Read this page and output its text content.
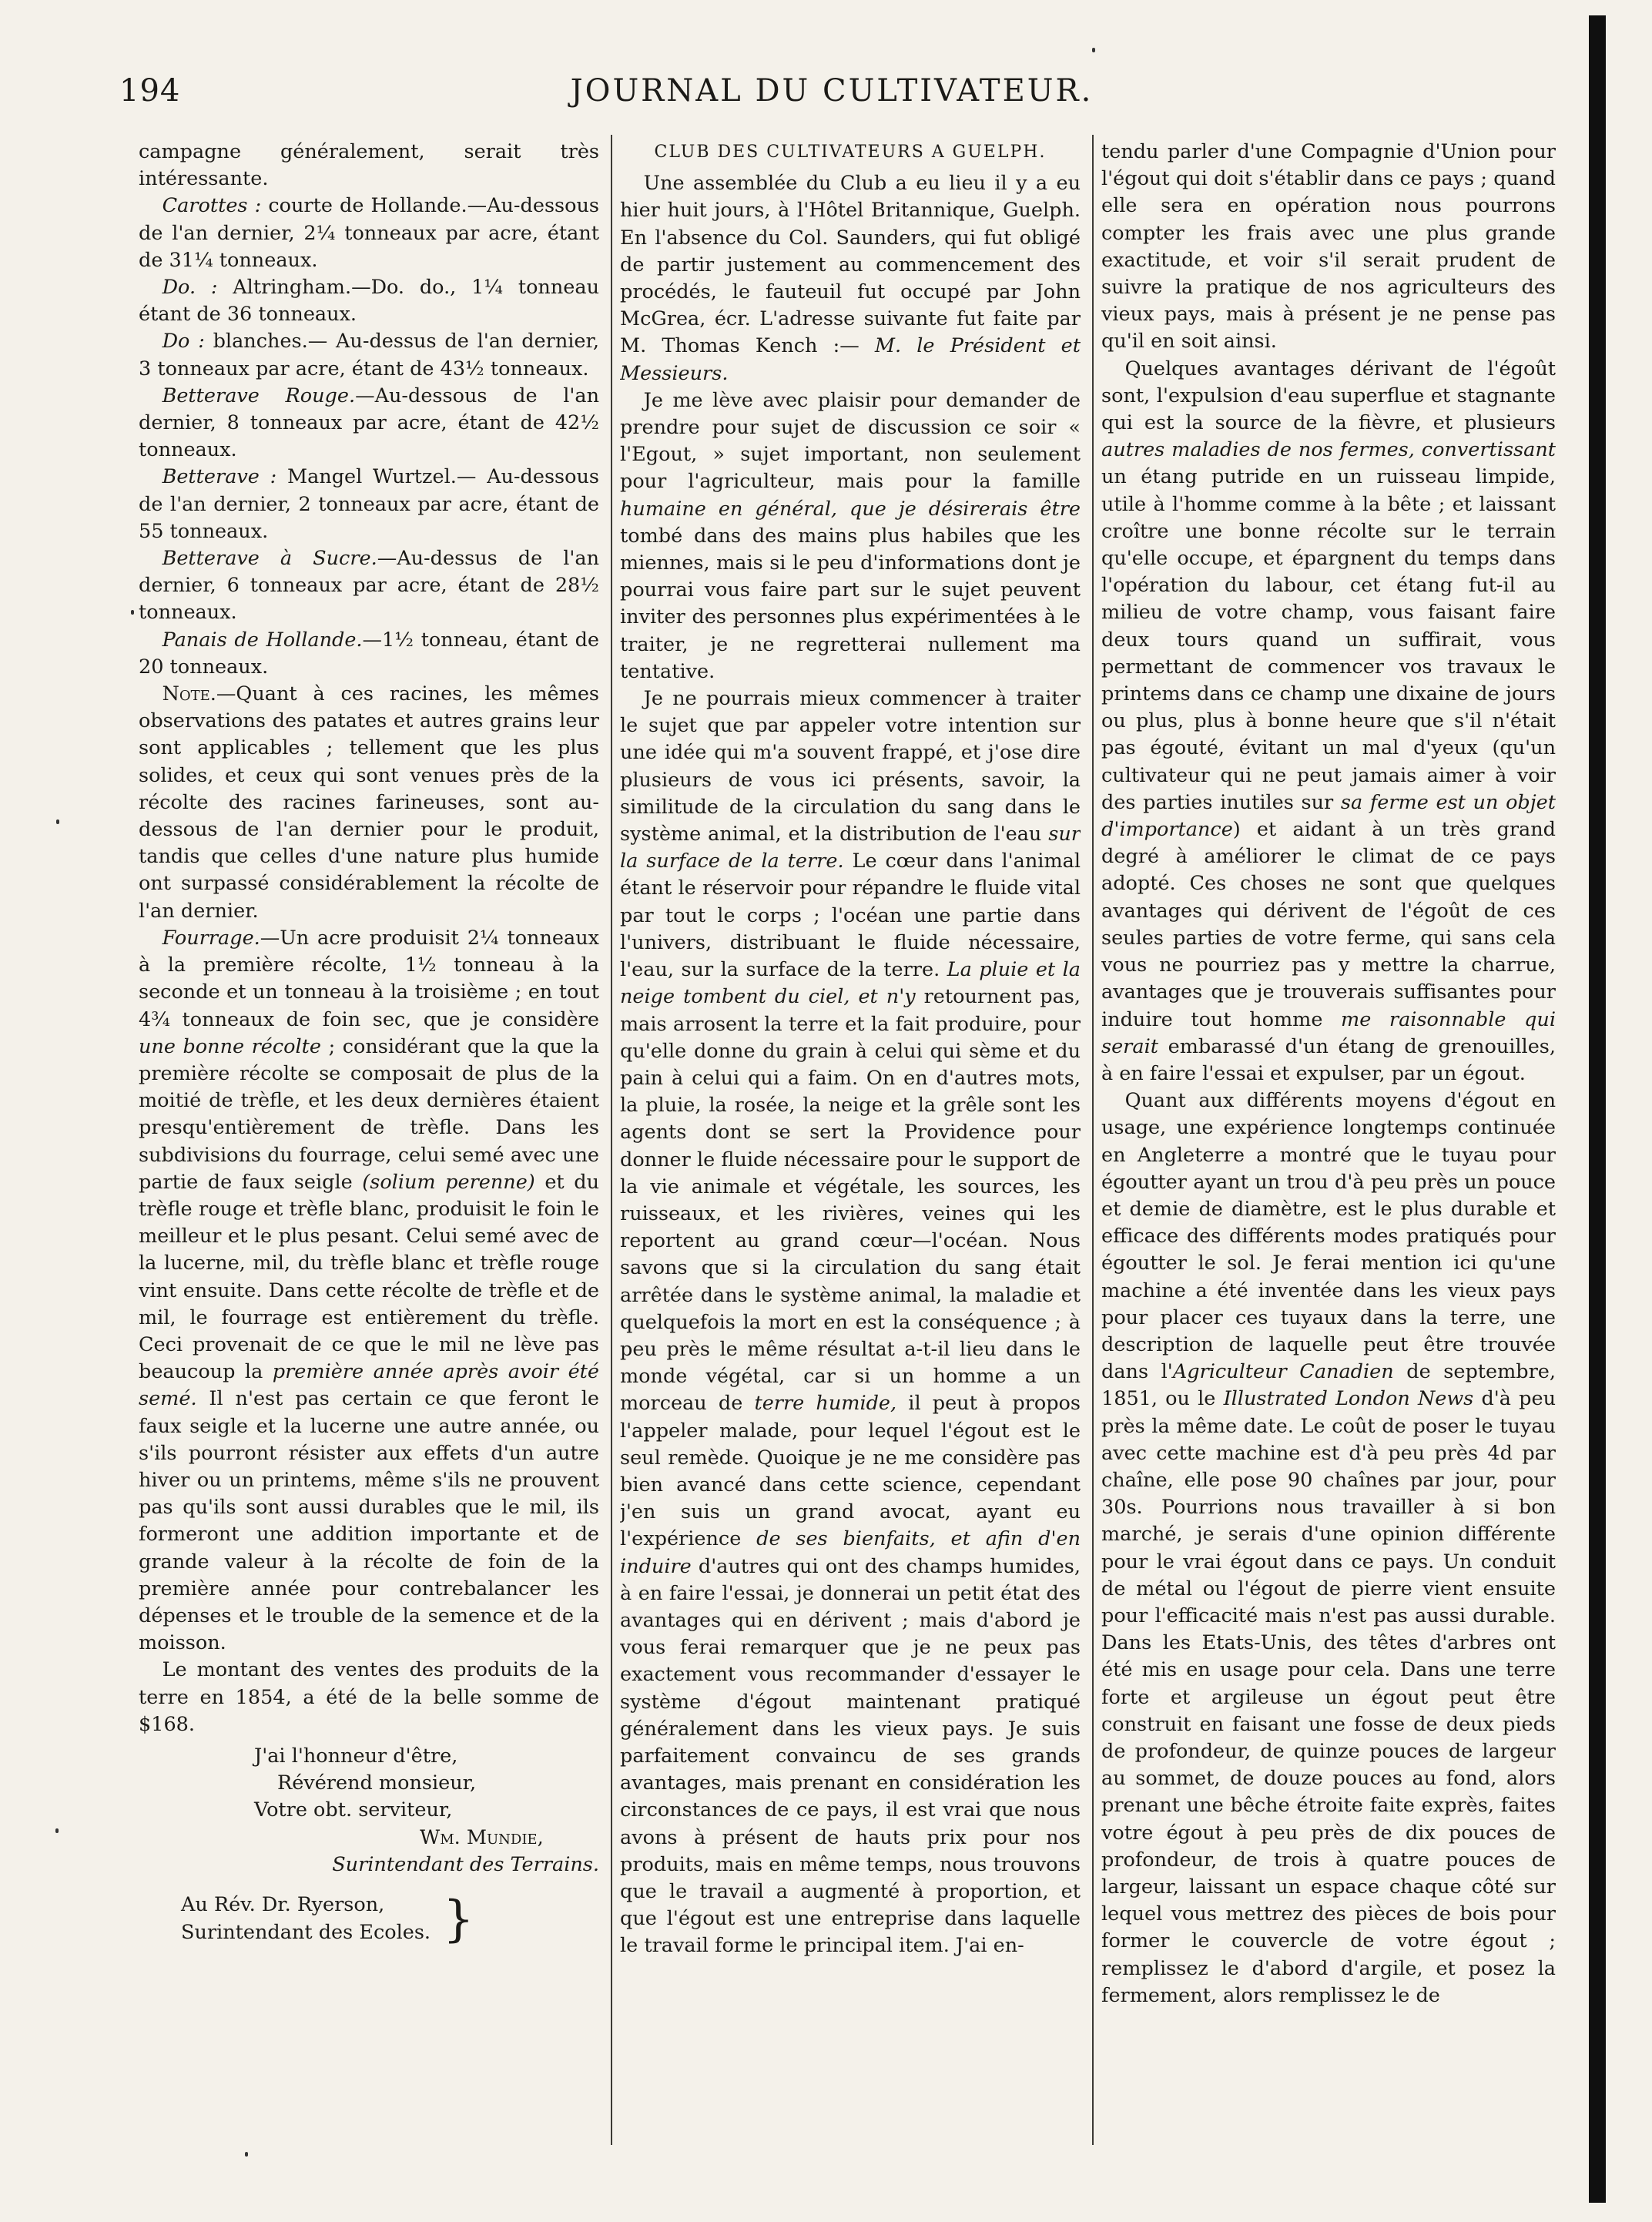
JOURNAL DU CULTIVATEUR.
194

campagne généralement, serait très intéressante.

Carottes : courte de Hollande.—Au-dessous de l'an dernier, 2¼ tonneaux par acre, étant de 31¼ tonneaux.

Do. : Altringham.—Do. do., 1¼ tonneau étant de 36 tonneaux.

Do : blanches.— Au-dessus de l'an dernier, 3 tonneaux par acre, étant de 43½ tonneaux.

Betterave Rouge.—Au-dessous de l'an dernier, 8 tonneaux par acre, étant de 42½ tonneaux.

Betterave : Mangel Wurtzel.— Au-dessous de l'an dernier, 2 tonneaux par acre, étant de 55 tonneaux.

Betterave à Sucre.—Au-dessus de l'an dernier, 6 tonneaux par acre, étant de 28½ tonneaux.

Panais de Hollande.—1½ tonneau, étant de 20 tonneaux.

Note.—Quant à ces racines, les mêmes observations des patates et autres grains leur sont applicables ; tellement que les plus solides, et ceux qui sont venues près de la récolte des racines farineuses, sont au-dessous de l'an dernier pour le produit, tandis que celles d'une nature plus humide ont surpassé considérablement la récolte de l'an dernier.

Fourrage.—Un acre produisit 2¼ tonneaux à la première récolte, 1½ tonneau à la seconde et un tonneau à la troisième ; en tout 4¾ tonneaux de foin sec, que je considère une bonne récolte ; considérant que la que la première récolte se composait de plus de la moitié de trèfle, et les deux dernières étaient presqu'entièrement de trèfle. Dans les subdivisions du fourrage, celui semé avec une partie de faux seigle (solium perenne) et du trèfle rouge et trèfle blanc, produisit le foin le meilleur et le plus pesant. Celui semé avec de la lucerne, mil, du trèfle blanc et trèfle rouge vint ensuite. Dans cette récolte de trèfle et de mil, le fourrage est entièrement du trèfle. Ceci provenait de ce que le mil ne lève pas beaucoup la première année après avoir été semé. Il n'est pas certain ce que feront le faux seigle et la lucerne une autre année, ou s'ils pourront résister aux effets d'un autre hiver ou un printems, même s'ils ne prouvent pas qu'ils sont aussi durables que le mil, ils formeront une addition importante et de grande valeur à la récolte de foin de la première année pour contrebalancer les dépenses et le trouble de la semence et de la moisson.

Le montant des ventes des produits de la terre en 1854, a été de la belle somme de $168.

J'ai l'honneur d'être,
Révérend monsieur,
Votre obt. serviteur,
Wm. Mundie,
Surintendant des Terrains.
Au Rév. Dr. Ryerson,
Surintendant des Ecoles. }
CLUB DES CULTIVATEURS A GUELPH.

Une assemblée du Club a eu lieu il y a eu hier huit jours, à l'Hôtel Britannique, Guelph. En l'absence du Col. Saunders, qui fut obligé de partir justement au commencement des procédés, le fauteuil fut occupé par John McGrea, écr. L'adresse suivante fut faite par M. Thomas Kench :— M. le Président et Messieurs.

Je me lève avec plaisir pour demander de prendre pour sujet de discussion ce soir « l'Egout, » sujet important, non seulement pour l'agriculteur, mais pour la famille humaine en général, que je désirerais être tombé dans des mains plus habiles que les miennes, mais si le peu d'informations dont je pourrai vous faire part sur le sujet peuvent inviter des personnes plus expérimentées à le traiter, je ne regretterai nullement ma tentative.

Je ne pourrais mieux commencer à traiter le sujet que par appeler votre intention sur une idée qui m'a souvent frappé, et j'ose dire plusieurs de vous ici présents, savoir, la similitude de la circulation du sang dans le système animal, et la distribution de l'eau sur la surface de la terre. Le cœur dans l'animal étant le réservoir pour répandre le fluide vital par tout le corps ; l'océan une partie dans l'univers, distribuant le fluide nécessaire, l'eau, sur la surface de la terre. La pluie et la neige tombent du ciel, et n'y retournent pas, mais arrosent la terre et la fait produire, pour qu'elle donne du grain à celui qui sème et du pain à celui qui a faim. On en d'autres mots, la pluie, la rosée, la neige et la grêle sont les agents dont se sert la Providence pour donner le fluide nécessaire pour le support de la vie animale et végétale, les sources, les ruisseaux, et les rivières, veines qui les reportent au grand cœur—l'océan. Nous savons que si la circulation du sang était arrêtée dans le système animal, la maladie et quelquefois la mort en est la conséquence ; à peu près le même résultat a-t-il lieu dans le monde végétal, car si un homme a un morceau de terre humide, il peut à propos l'appeler malade, pour lequel l'égout est le seul remède. Quoique je ne me considère pas bien avancé dans cette science, cependant j'en suis un grand avocat, ayant eu l'expérience de ses bienfaits, et afin d'en induire d'autres qui ont des champs humides, à en faire l'essai, je donnerai un petit état des avantages qui en dérivent ; mais d'abord je vous ferai remarquer que je ne peux pas exactement vous recommander d'essayer le système d'égout maintenant pratiqué généralement dans les vieux pays. Je suis parfaitement convaincu de ses grands avantages, mais prenant en considération les circonstances de ce pays, il est vrai que nous avons à présent de hauts prix pour nos produits, mais en même temps, nous trouvons que le travail a augmenté à proportion, et que l'égout est une entreprise dans laquelle le travail forme le principal item. J'ai en-

tendu parler d'une Compagnie d'Union pour l'égout qui doit s'établir dans ce pays ; quand elle sera en opération nous pourrons compter les frais avec une plus grande exactitude, et voir s'il serait prudent de suivre la pratique de nos agriculteurs des vieux pays, mais à présent je ne pense pas qu'il en soit ainsi.

Quelques avantages dérivant de l'égoût sont, l'expulsion d'eau superflue et stagnante qui est la source de la fièvre, et plusieurs autres maladies de nos fermes, convertissant un étang putride en un ruisseau limpide, utile à l'homme comme à la bête ; et laissant croître une bonne récolte sur le terrain qu'elle occupe, et épargnent du temps dans l'opération du labour, cet étang fut-il au milieu de votre champ, vous faisant faire deux tours quand un suffirait, vous permettant de commencer vos travaux le printems dans ce champ une dixaine de jours ou plus, plus à bonne heure que s'il n'était pas égouté, évitant un mal d'yeux (qu'un cultivateur qui ne peut jamais aimer à voir des parties inutiles sur sa ferme est un objet d'importance) et aidant à un très grand degré à améliorer le climat de ce pays adopté. Ces choses ne sont que quelques avantages qui dérivent de l'égoût de ces seules parties de votre ferme, qui sans cela vous ne pourriez pas y mettre la charrue, avantages que je trouverais suffisantes pour induire tout homme me raisonnable qui serait embarassé d'un étang de grenouilles, à en faire l'essai et expulser, par un égout.

Quant aux différents moyens d'égout en usage, une expérience longtemps continuée en Angleterre a montré que le tuyau pour égoutter ayant un trou d'à peu près un pouce et demie de diamètre, est le plus durable et efficace des différents modes pratiqués pour égoutter le sol. Je ferai mention ici qu'une machine a été inventée dans les vieux pays pour placer ces tuyaux dans la terre, une description de laquelle peut être trouvée dans l'Agriculteur Canadien de septembre, 1851, ou le Illustrated London News d'à peu près la même date. Le coût de poser le tuyau avec cette machine est d'à peu près 4d par chaîne, elle pose 90 chaînes par jour, pour 30s. Pourrions nous travailler à si bon marché, je serais d'une opinion différente pour le vrai égout dans ce pays. Un conduit de métal ou l'égout de pierre vient ensuite pour l'efficacité mais n'est pas aussi durable. Dans les Etats-Unis, des têtes d'arbres ont été mis en usage pour cela. Dans une terre forte et argileuse un égout peut être construit en faisant une fosse de deux pieds de profondeur, de quinze pouces de largeur au sommet, de douze pouces au fond, alors prenant une bêche étroite faite exprès, faites votre égout à peu près de dix pouces de profondeur, de trois à quatre pouces de largeur, laissant un espace chaque côté sur lequel vous mettrez des pièces de bois pour former le couvercle de votre égout ; remplissez le d'abord d'argile, et posez la fermement, alors remplissez le de
